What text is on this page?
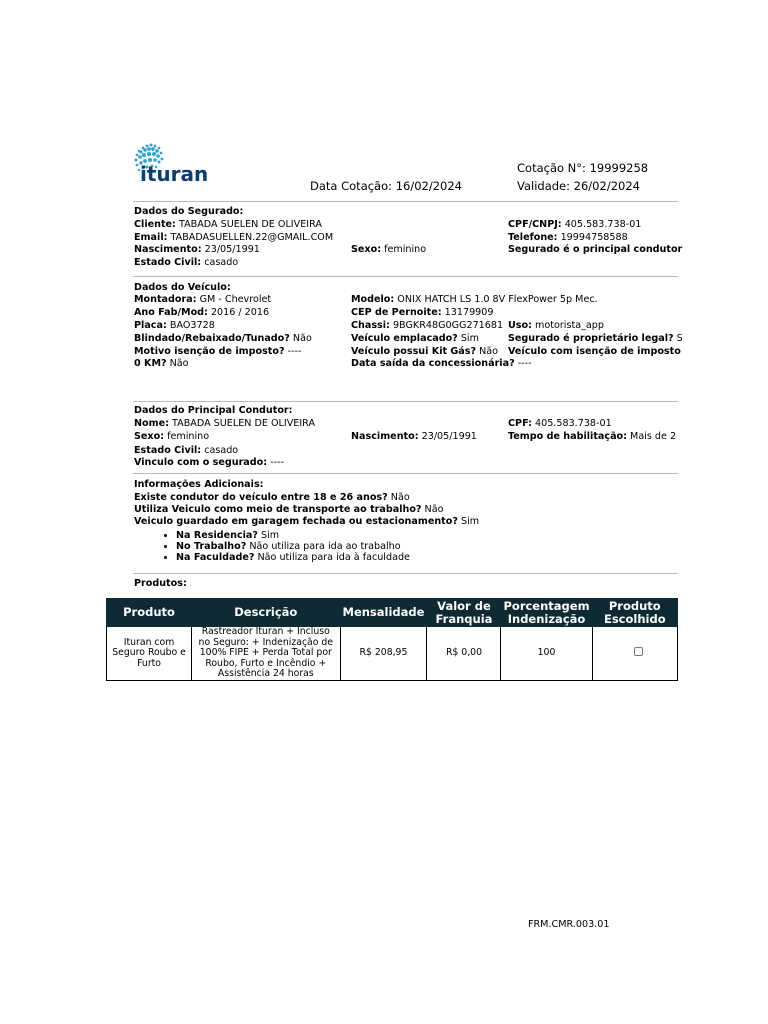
ituran	Cotação N°: 19999258
Data Cotação: 16/02/2024	Validade: 26/02/2024
Dados do Segurado:
Cliente: TABADA SUELEN DE OLIVEIRA
Email: TABADASUELLEN.22@GMAIL.COM
Nascimento: 23/05/1991
Estado Civil: casado
Sexo: feminino
CPF/CNPJ: 405.583.738-01
Telefone: 19994758588
Segurado é o principal condutor
Dados do Veículo:
Montadora: GM - Chevrolet
Ano Fab/Mod: 2016 / 2016
Placa: BAO3728
Blindado/Rebaixado/Tunado? Não
Motivo isenção de imposto? ----
0 KM? Não
Modelo: ONIX HATCH LS 1.0 8V FlexPower 5p Mec.
CEP de Pernoite: 13179909
Chassi: 9BGKR48G0GG271681
Veículo emplacado? Sim
Veículo possui Kit Gás? Não
Data saída da concessionária? ----
Uso: motorista_app
Segurado é proprietário legal? S
Veículo com isenção de imposto
Dados do Principal Condutor:
Nome: TABADA SUELEN DE OLIVEIRA
Sexo: feminino
Estado Civil: casado
Vinculo com o segurado: ----
Nascimento: 23/05/1991
CPF: 405.583.738-01
Tempo de habilitação: Mais de 2
Informações Adicionais:
Existe condutor do veículo entre 18 e 26 anos? Não
Utiliza Veiculo como meio de transporte ao trabalho? Não
Veiculo guardado em garagem fechada ou estacionamento? Sim
• Na Residencia? Sim
• No Trabalho? Não utiliza para ida ao trabalho
• Na Faculdade? Não utiliza para ida à faculdade
Produtos:
Produto	Descrição	Mensalidade	Valor de Franquia	Porcentagem Indenização	Produto Escolhido
Ituran com Seguro Roubo e Furto	Rastreador Ituran + Incluso no Seguro: + Indenização de 100% FIPE + Perda Total por Roubo, Furto e Incêndio + Assistência 24 horas	R$ 208,95	R$ 0,00	100	
FRM.CMR.003.01
